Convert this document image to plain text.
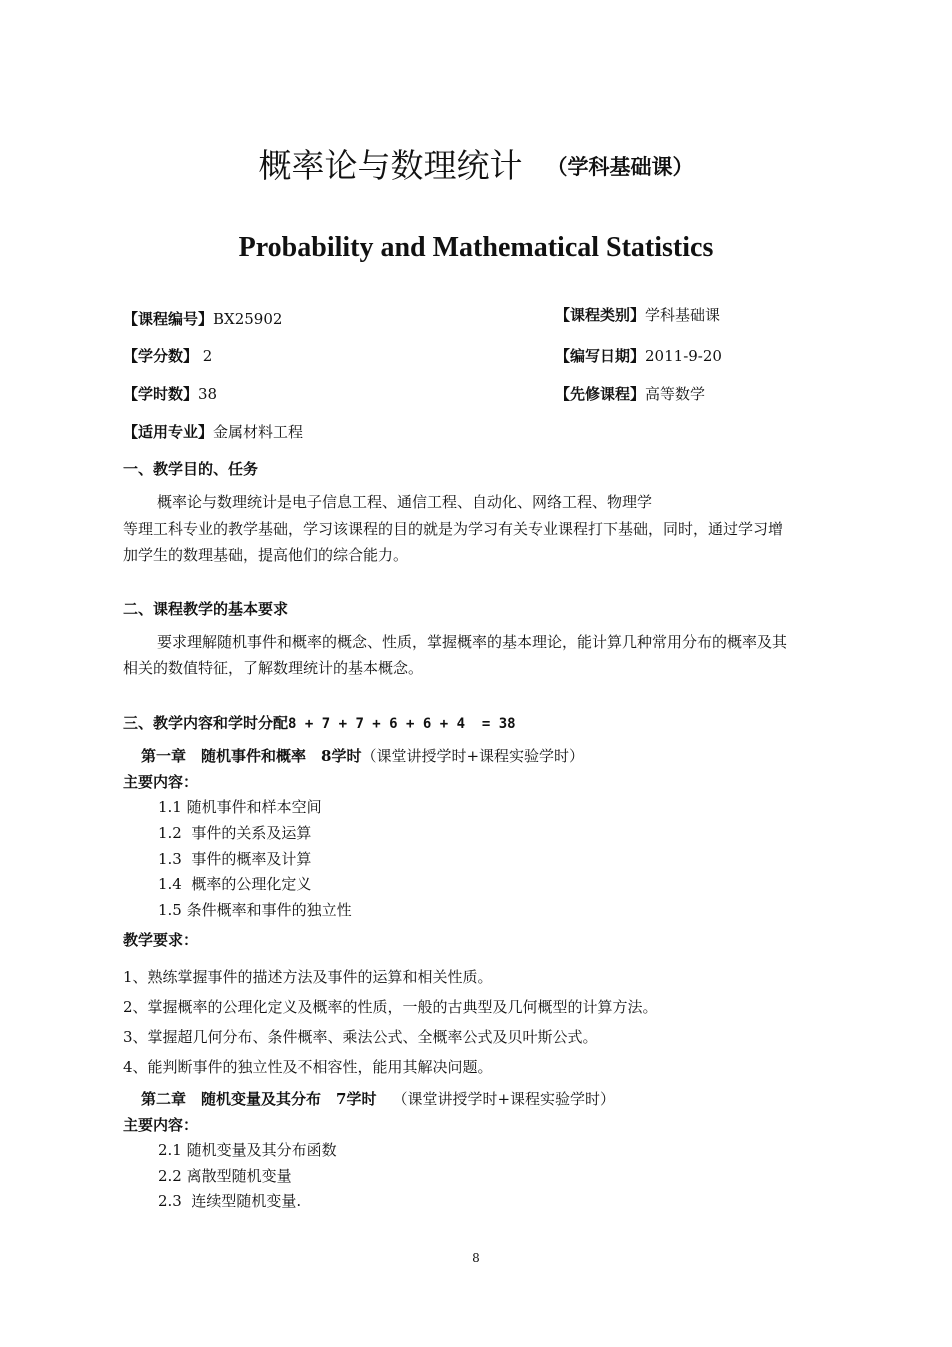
概率论与数理统计 （学科基础课）
Probability and Mathematical Statistics
【课程编号】BX25902	【课程类别】学科基础课
【学分数】 2	【编写日期】2011-9-20
【学时数】38	【先修课程】高等数学
【适用专业】金属材料工程
一、教学目的、任务
概率论与数理统计是电子信息工程、通信工程、自动化、网络工程、物理学
等理工科专业的教学基础，学习该课程的目的就是为学习有关专业课程打下基础，同时，通过学习增
加学生的数理基础，提高他们的综合能力。
二、课程教学的基本要求
要求理解随机事件和概率的概念、性质，掌握概率的基本理论，能计算几种常用分布的概率及其
相关的数值特征，了解数理统计的基本概念。
三、教学内容和学时分配8 + 7 + 7 + 6 + 6 + 4  = 38
第一章　随机事件和概率　8学时（课堂讲授学时+课程实验学时）
主要内容：
1.1 随机事件和样本空间
1.2  事件的关系及运算
1.3  事件的概率及计算
1.4  概率的公理化定义
1.5 条件概率和事件的独立性
教学要求：
1、熟练掌握事件的描述方法及事件的运算和相关性质。
2、掌握概率的公理化定义及概率的性质，一般的古典型及几何概型的计算方法。
3、掌握超几何分布、条件概率、乘法公式、全概率公式及贝叶斯公式。
4、能判断事件的独立性及不相容性，能用其解决问题。
第二章　随机变量及其分布　7学时 （课堂讲授学时+课程实验学时）
主要内容：
2.1 随机变量及其分布函数
2.2 离散型随机变量
2.3  连续型随机变量.
8
